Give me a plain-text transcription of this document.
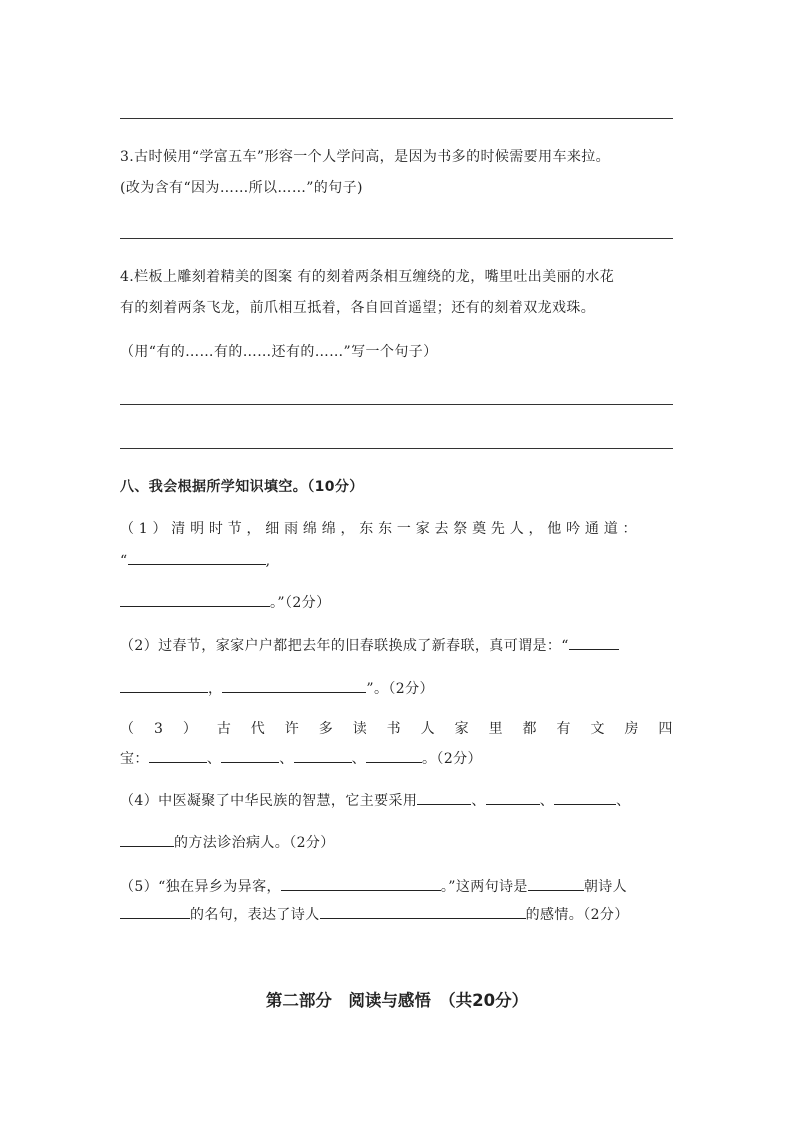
3.古时候用“学富五车”形容一个人学问高，是因为书多的时候需要用车来拉。
(改为含有“因为……所以……”的句子)
4.栏板上雕刻着精美的图案 有的刻着两条相互缠绕的龙，嘴里吐出美丽的水花
有的刻着两条飞龙，前爪相互抵着，各自回首遥望；还有的刻着双龙戏珠。
（用“有的……有的……还有的……”写一个句子）
八、我会根据所学知识填空。（10分）
（1）清明时节，细雨绵绵，东东一家去祭奠先人，他吟通道：
“	,
。”（2分）
（2）过春节，家家户户都把去年的旧春联换成了新春联，真可谓是：“
，	”。（2分）
（ 3 ） 古 代 许 多 读 书 人 家 里 都 有 文 房 四
宝：	、	、	、	。（2分）
（4）中医凝聚了中华民族的智慧，它主要采用	、	、	、
的方法诊治病人。（2分）
（5）“独在异乡为异客，	。”这两句诗是	朝诗人
的名句，表达了诗人	的感情。（2分）
第二部分　阅读与感悟　（共20分）
